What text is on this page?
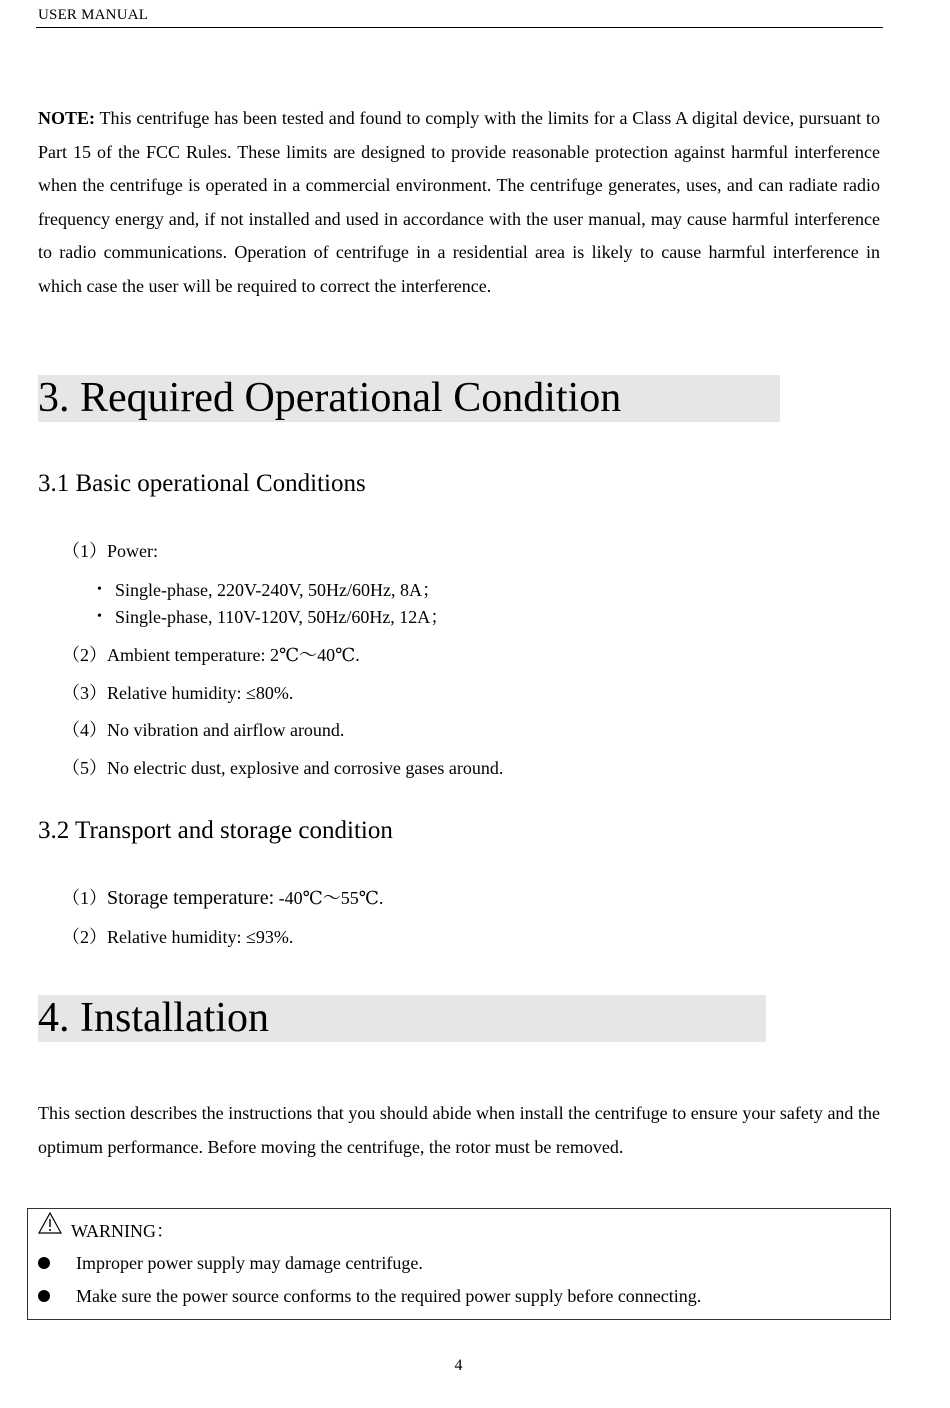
USER MANUAL
NOTE: This centrifuge has been tested and found to comply with the limits for a Class A digital device, pursuant to Part 15 of the FCC Rules. These limits are designed to provide reasonable protection against harmful interference when the centrifuge is operated in a commercial environment. The centrifuge generates, uses, and can radiate radio frequency energy and, if not installed and used in accordance with the user manual, may cause harmful interference to radio communications. Operation of centrifuge in a residential area is likely to cause harmful interference in which case the user will be required to correct the interference.
3. Required Operational Condition
3.1 Basic operational Conditions
（1）Power:
• Single-phase, 220V-240V, 50Hz/60Hz, 8A；
• Single-phase, 110V-120V, 50Hz/60Hz, 12A；
（2）Ambient temperature: 2℃～40℃.
（3）Relative humidity: ≤80%.
（4）No vibration and airflow around.
（5）No electric dust, explosive and corrosive gases around.
3.2 Transport and storage condition
（1）Storage temperature: -40℃～55℃.
（2）Relative humidity: ≤93%.
4. Installation
This section describes the instructions that you should abide when install the centrifuge to ensure your safety and the optimum performance. Before moving the centrifuge, the rotor must be removed.
WARNING：
Improper power supply may damage centrifuge.
Make sure the power source conforms to the required power supply before connecting.
4
